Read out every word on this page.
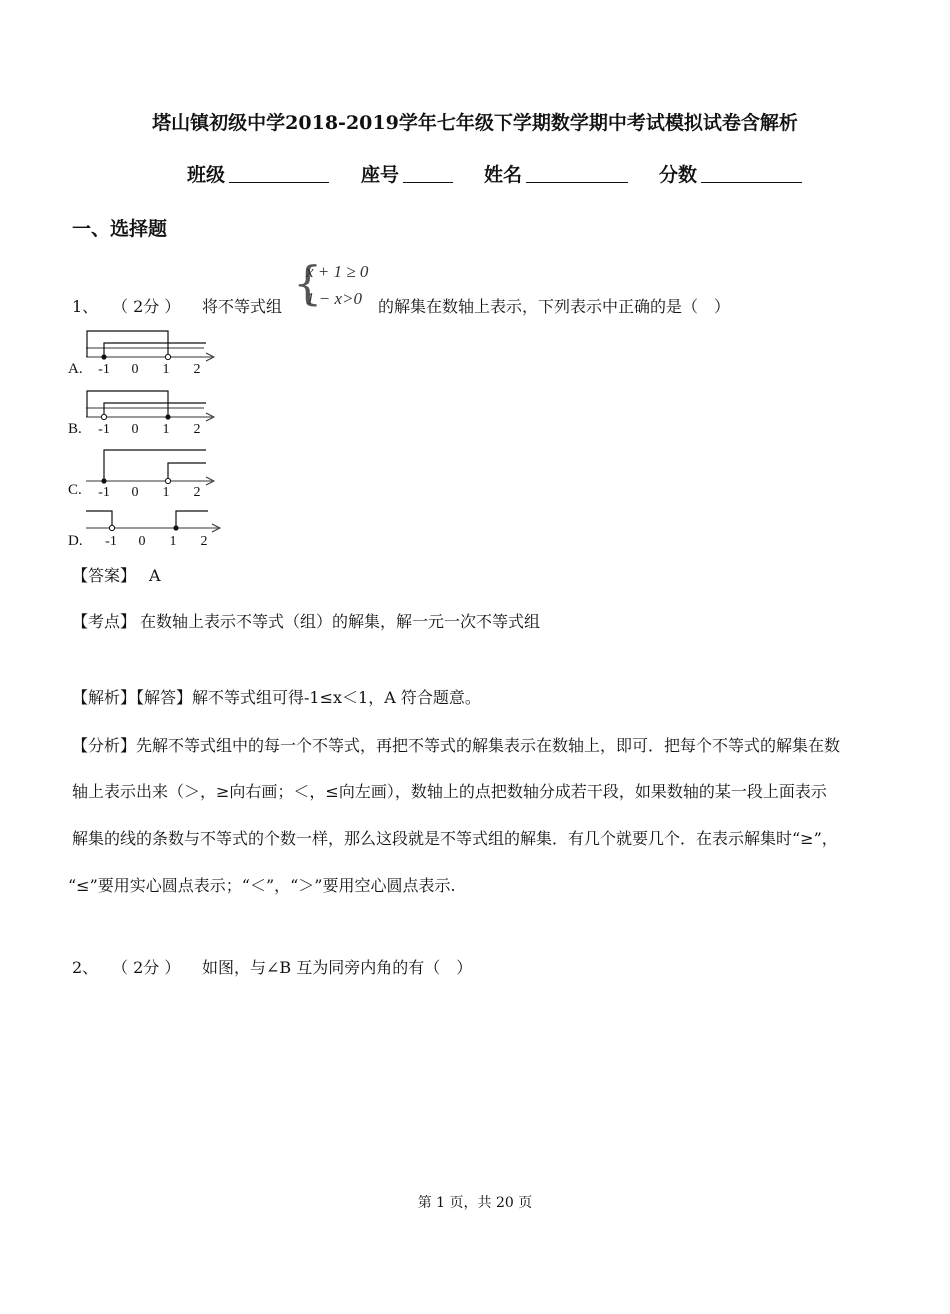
塔山镇初级中学2018-2019学年七年级下学期数学期中考试模拟试卷含解析
班级	座号	姓名	分数
一、选择题
1、 （ 2分 ） 将不等式组 {
x + 1 ≥ 0
1 − x>0 的解集在数轴上表示，下列表示中正确的是（　）
A. -1 0 1 2
B. -1 0 1 2
C. -1 0 1 2
D. -1 0 1 2
【答案】 A
【考点】 在数轴上表示不等式（组）的解集，解一元一次不等式组
【解析】【解答】解不等式组可得-1≤x＜1，A 符合题意。
【分析】先解不等式组中的每一个不等式，再把不等式的解集表示在数轴上，即可．把每个不等式的解集在数
轴上表示出来（＞，≥向右画；＜，≤向左画），数轴上的点把数轴分成若干段，如果数轴的某一段上面表示
解集的线的条数与不等式的个数一样，那么这段就是不等式组的解集．有几个就要几个．在表示解集时“≥”，
“≤”要用实心圆点表示；“＜”，“＞”要用空心圆点表示.
2、 （ 2分 ） 如图，与∠B 互为同旁内角的有（　）
第 1 页，共 20 页
